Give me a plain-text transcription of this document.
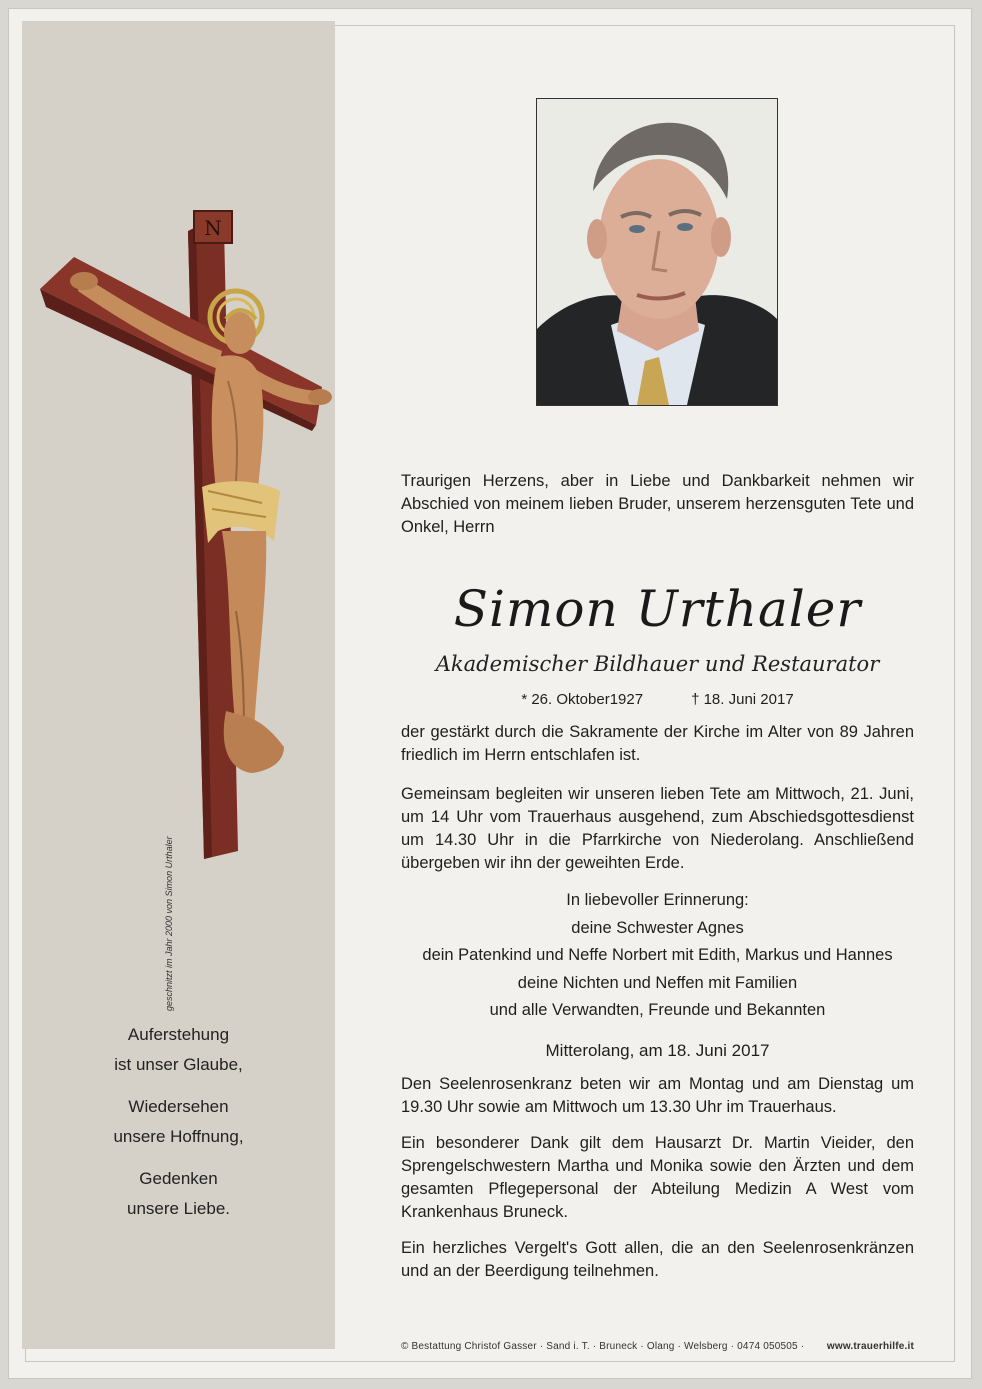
N
geschnitzt im Jahr 2000 von Simon Urthaler

Auferstehung
ist unser Glaube,

Wiedersehen
unsere Hoffnung,

Gedenken
unsere Liebe.

Traurigen Herzens, aber in Liebe und Dankbarkeit nehmen wir Abschied von meinem lieben Bruder, unserem herzensguten Tete und Onkel, Herrn

Simon Urthaler
Akademischer Bildhauer und Restaurator
* 26. Oktober1927	† 18. Juni 2017

der gestärkt durch die Sakramente der Kirche im Alter von 89 Jahren friedlich im Herrn entschlafen ist.

Gemeinsam begleiten wir unseren lieben Tete am Mittwoch, 21. Juni, um 14 Uhr vom Trauerhaus ausgehend, zum Abschiedsgottesdienst um 14.30 Uhr in die Pfarrkirche von Niederolang. Anschließend übergeben wir ihn der geweihten Erde.

In liebevoller Erinnerung:
deine Schwester Agnes
dein Patenkind und Neffe Norbert mit Edith, Markus und Hannes
deine Nichten und Neffen mit Familien
und alle Verwandten, Freunde und Bekannten
Mitterolang, am 18. Juni 2017

Den Seelenrosenkranz beten wir am Montag und am Dienstag um 19.30 Uhr sowie am Mittwoch um 13.30 Uhr im Trauerhaus.

Ein besonderer Dank gilt dem Hausarzt Dr. Martin Vieider, den Sprengelschwestern Martha und Monika sowie den Ärzten und dem gesamten Pflegepersonal der Abteilung Medizin A West vom Krankenhaus Bruneck.

Ein herzliches Vergelt's Gott allen, die an den Seelenrosenkränzen und an der Beerdigung teilnehmen.

© Bestattung Christof Gasser · Sand i. T. · Bruneck · Olang · Welsberg · 0474 050505 · www.trauerhilfe.it
